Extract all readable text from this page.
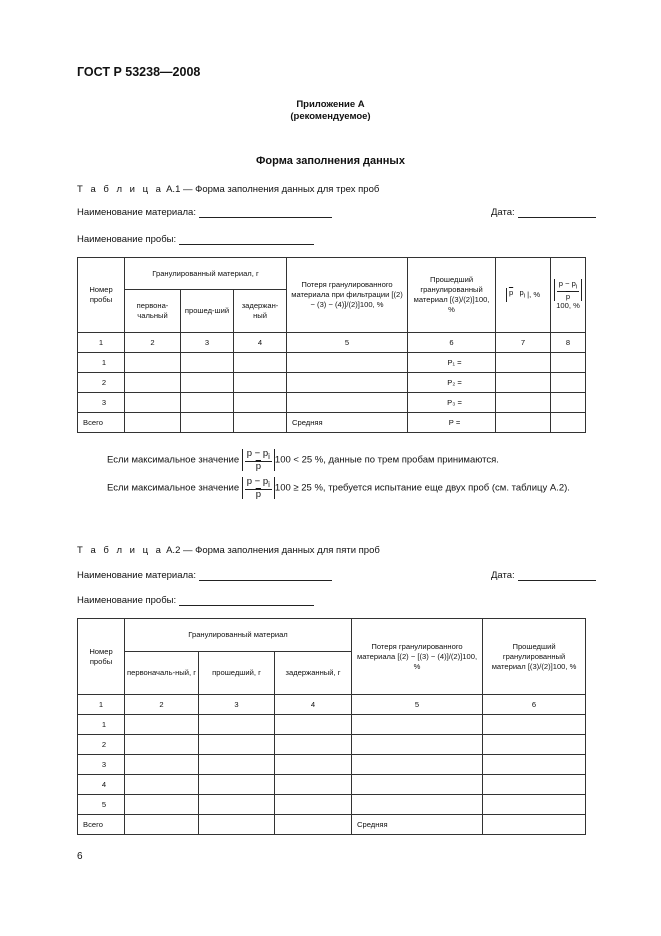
ГОСТ Р 53238—2008
Приложение А
(рекомендуемое)
Форма заполнения данных
Т а б л и ц а А.1 — Форма заполнения данных для трех проб
Наименование материала:	Дата:
Наименование пробы:
Номер пробы	Гранулированный материал, г			Потеря гранулированного материала при фильтрации [(2) − (3) − (4)]/(2)]100, %	Прошедший гранулированный материал [(3)/(2)]100, %	$\overline{p}$ $p_i$ |, %	$\frac{p - p_i}{p}$
100, %
	первона-чальный	прошед-ший	задержан-ный				
1	2	3	4	5	6	7	8
1					P₁ =		
2					P₂ =		
3					P₃ =		
Всего				Средняя	P =		
Если максимальное значение $\frac{p - p_i}{p} 100 < 25$ %, данные по трем пробам принимаются.
Если максимальное значение $\frac{p - p_i}{p} 100 \ge 25$ %, требуется испытание еще двух проб (см. таблицу А.2).
Т а б л и ц а А.2 — Форма заполнения данных для пяти проб
Наименование материала:	Дата:
Наименование пробы:
Номер пробы	Гранулированный материал			Потеря гранулированного материала [(2) − [(3) − (4)]/(2)]100, %	Прошедший гранулированный материал [(3)/(2)]100, %
	первоначаль-ный, г	прошедший, г	задержанный, г		
1	2	3	4	5	6
1					
2					
3					
4					
5					
Всего				Средняя	
6
